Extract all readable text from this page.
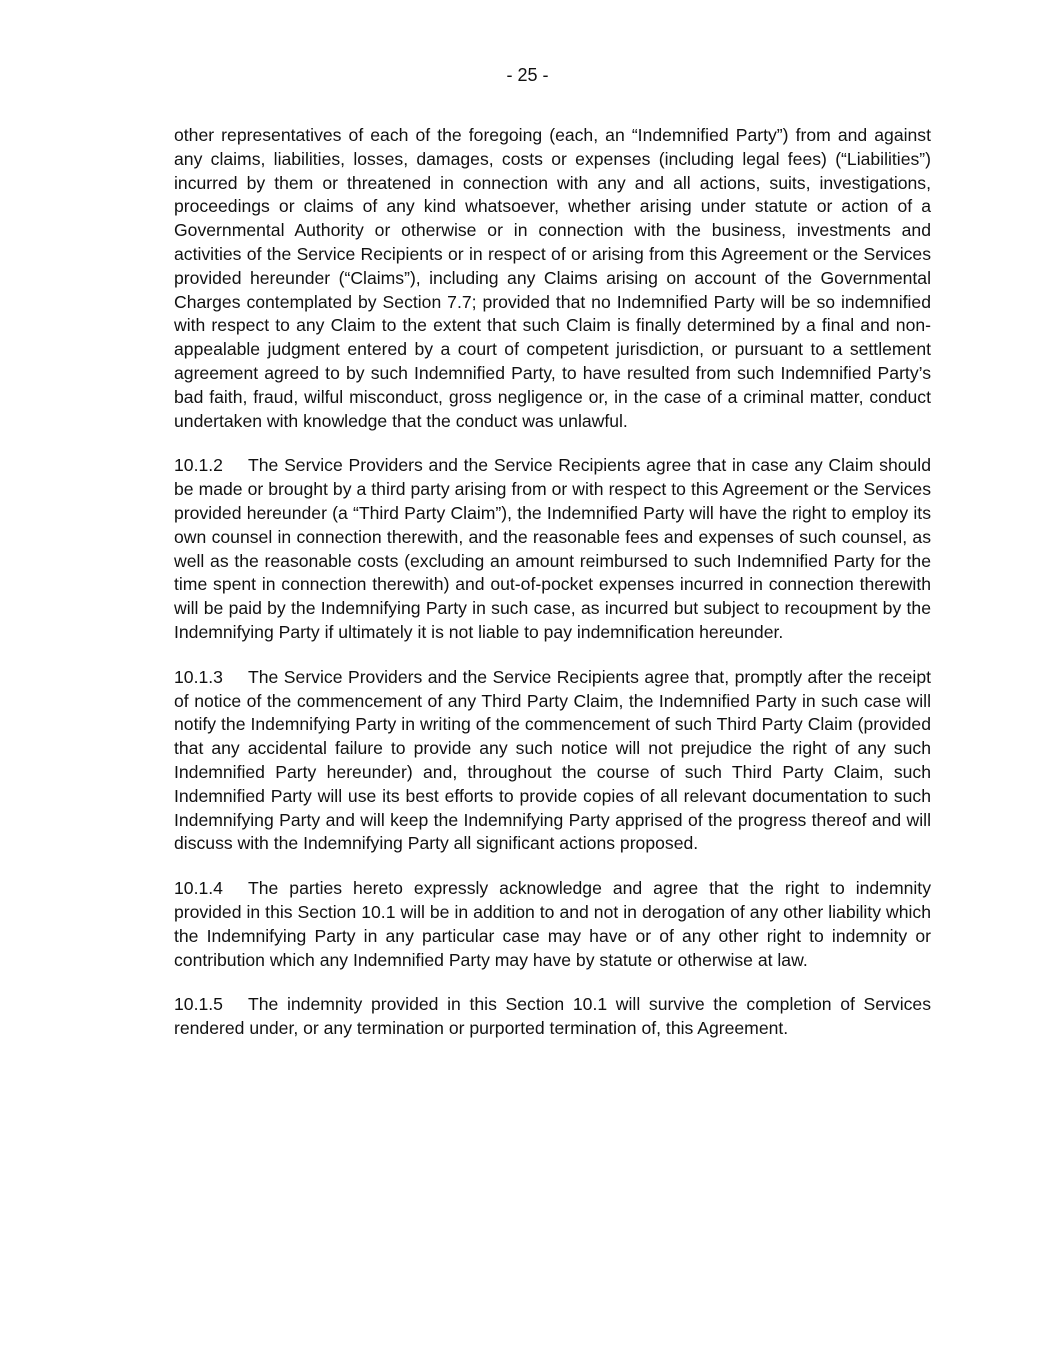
- 25 -

other representatives of each of the foregoing (each, an “Indemnified Party”) from and against any claims, liabilities, losses, damages, costs or expenses (including legal fees) (“Liabilities”) incurred by them or threatened in connection with any and all actions, suits, investigations, proceedings or claims of any kind whatsoever, whether arising under statute or action of a Governmental Authority or otherwise or in connection with the business, investments and activities of the Service Recipients or in respect of or arising from this Agreement or the Services provided hereunder (“Claims”), including any Claims arising on account of the Governmental Charges contemplated by Section 7.7; provided that no Indemnified Party will be so indemnified with respect to any Claim to the extent that such Claim is finally determined by a final and non-appealable judgment entered by a court of competent jurisdiction, or pursuant to a settlement agreement agreed to by such Indemnified Party, to have resulted from such Indemnified Party’s bad faith, fraud, wilful misconduct, gross negligence or, in the case of a criminal matter, conduct undertaken with knowledge that the conduct was unlawful.

10.1.2 The Service Providers and the Service Recipients agree that in case any Claim should be made or brought by a third party arising from or with respect to this Agreement or the Services provided hereunder (a “Third Party Claim”), the Indemnified Party will have the right to employ its own counsel in connection therewith, and the reasonable fees and expenses of such counsel, as well as the reasonable costs (excluding an amount reimbursed to such Indemnified Party for the time spent in connection therewith) and out-of-pocket expenses incurred in connection therewith will be paid by the Indemnifying Party in such case, as incurred but subject to recoupment by the Indemnifying Party if ultimately it is not liable to pay indemnification hereunder.

10.1.3 The Service Providers and the Service Recipients agree that, promptly after the receipt of notice of the commencement of any Third Party Claim, the Indemnified Party in such case will notify the Indemnifying Party in writing of the commencement of such Third Party Claim (provided that any accidental failure to provide any such notice will not prejudice the right of any such Indemnified Party hereunder) and, throughout the course of such Third Party Claim, such Indemnified Party will use its best efforts to provide copies of all relevant documentation to such Indemnifying Party and will keep the Indemnifying Party apprised of the progress thereof and will discuss with the Indemnifying Party all significant actions proposed.

10.1.4 The parties hereto expressly acknowledge and agree that the right to indemnity provided in this Section 10.1 will be in addition to and not in derogation of any other liability which the Indemnifying Party in any particular case may have or of any other right to indemnity or contribution which any Indemnified Party may have by statute or otherwise at law.

10.1.5 The indemnity provided in this Section 10.1 will survive the completion of Services rendered under, or any termination or purported termination of, this Agreement.
